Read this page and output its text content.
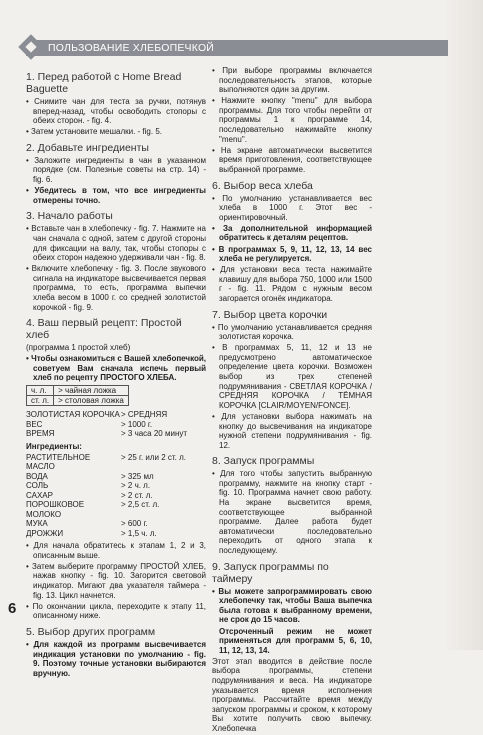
ПОЛЬЗОВАНИЕ ХЛЕБОПЕЧКОЙ
1. Перед работой с Home Bread Baguette

• Снимите чан для теста за ручки, потянув вперед-назад, чтобы освободить стопоры с обеих сторон. - fig. 4.

• Затем установите мешалки. - fig. 5.

2. Добавьте ингредиенты

• Заложите ингредиенты в чан в указанном порядке (см. Полезные советы на стр. 14) - fig. 6.

• Убедитесь в том, что все ингредиенты отмерены точно.

3. Начало работы

• Вставьте чан в хлебопечку - fig. 7. Нажмите на чан сначала с одной, затем с другой стороны для фиксации на валу, так, чтобы стопоры с обеих сторон надежно удерживали чан - fig. 8.

• Включите хлебопечку - fig. 3. После звукового сигнала на индикаторе высвечивается первая программа, то есть, программа выпечки хлеба весом в 1000 г. со средней золотистой корочкой - fig. 9.

4. Ваш первый рецепт: Простой хлеб

(программа 1 простой хлеб)

• Чтобы ознакомиться с Вашей хлебопечкой, советуем Вам сначала испечь первый хлеб по рецепту ПРОСТОГО ХЛЕБА.

ч. л.	> чайная ложка
ст. л.	> столовая ложка
ЗОЛОТИСТАЯ КОРОЧКА > СРЕДНЯЯ
ВЕС	> 1000 г.
ВРЕМЯ	> 3 часа 20 минут

Ингредиенты:

РАСТИТЕЛЬНОЕ МАСЛО
> 25 г. или 2 ст. л.
ВОДА	> 325 мл
СОЛЬ	> 2 ч. л.
САХАР	> 2 ст. л.
ПОРОШКОВОЕ МОЛОКО
> 2,5 ст. л.
МУКА	> 600 г.
ДРОЖЖИ	> 1,5 ч. л.

• Для начала обратитесь к этапам 1, 2 и 3, описанным выше.

• Затем выберите программу ПРОСТОЙ ХЛЕБ, нажав кнопку - fig. 10. Загорится световой индикатор. Мигают два указателя таймера - fig. 13. Цикл начнется.

• По окончании цикла, переходите к этапу 11, описанному ниже.

5. Выбор других программ

• Для каждой из программ высвечивается индикация установки по умолчанию - fig. 9. Поэтому точные установки выбираются вручную.

• При выборе программы включается последовательность этапов, которые выполняются один за другим.

• Нажмите кнопку "menu" для выбора программы. Для того чтобы перейти от программы 1 к программе 14, последовательно нажимайте кнопку "menu".

• На экране автоматически высветится время приготовления, соответствующее выбранной программе.

6. Выбор веса хлеба

• По умолчанию устанавливается вес хлеба в 1000 г. Этот вес - ориентировочный.

• За дополнительной информацией обратитесь к деталям рецептов.

• В программах 5, 9, 11, 12, 13, 14 вес хлеба не регулируется.

• Для установки веса теста нажимайте клавишу для выбора 750, 1000 или 1500 г - fig. 11. Рядом с нужным весом загорается огонёк индикатора.

7. Выбор цвета корочки

• По умолчанию устанавливается средняя золотистая корочка.

• В программах 5, 11, 12 и 13 не предусмотрено автоматическое определение цвета корочки. Возможен выбор из трех степеней подрумянивания - СВЕТЛАЯ КОРОЧКА / СРЕДНЯЯ КОРОЧКА / ТЁМНАЯ КОРОЧКА [CLAIR/MOYEN/FONCE].

• Для установки выбора нажимать на кнопку до высвечивания на индикаторе нужной степени подрумянивания - fig. 12.

8. Запуск программы

• Для того чтобы запустить выбранную программу, нажмите на кнопку старт - fig. 10. Программа начнет свою работу. На экране высветится время, соответствующее выбранной программе. Далее работа будет автоматически последовательно переходить от одного этапа к последующему.

9. Запуск программы по таймеру

• Вы можете запрограммировать свою хлебопечку так, чтобы Ваша выпечка была готова к выбранному времени, не срок до 15 часов.

Отсроченный режим не может применяться для программ 5, 6, 10, 11, 12, 13, 14.

Этот этап вводится в действие после выбора программы, степени подрумянивания и веса. На индикаторе указывается время исполнения программы. Рассчитайте время между запуском программы и сроком, к которому Вы хотите получить свою выпечку. Хлебопечка

6
